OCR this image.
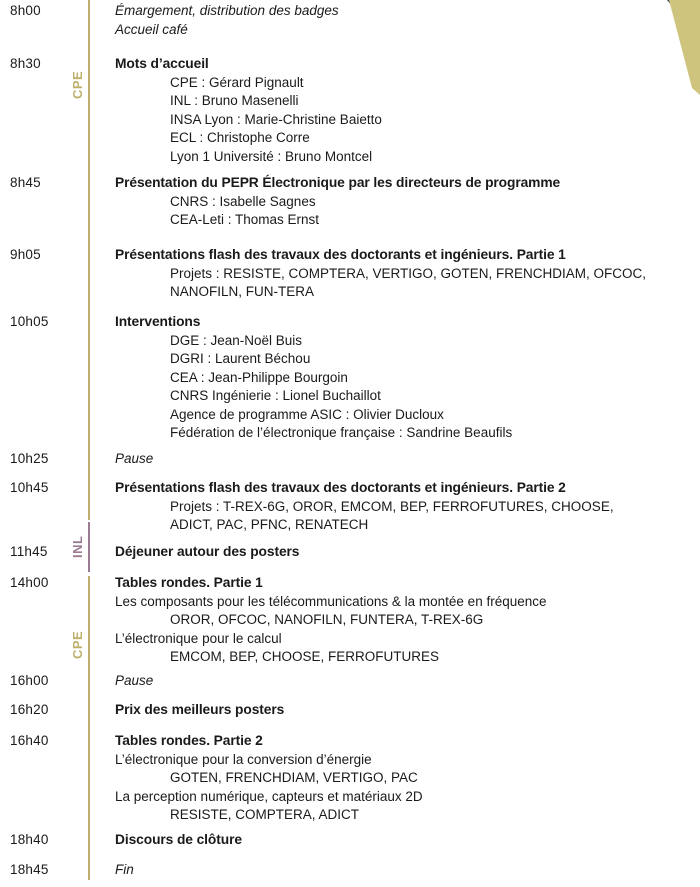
CPE
INL
CPE
8h00	Émargement, distribution des badges
Accueil café
8h30	Mots d’accueil
CPE : Gérard Pignault
INL : Bruno Masenelli
INSA Lyon : Marie-Christine Baietto
ECL : Christophe Corre
Lyon 1 Université : Bruno Montcel
8h45	Présentation du PEPR Électronique par les directeurs de programme
CNRS : Isabelle Sagnes
CEA-Leti : Thomas Ernst
9h05	Présentations flash des travaux des doctorants et ingénieurs. Partie 1
Projets : RESISTE, COMPTERA, VERTIGO, GOTEN, FRENCHDIAM, OFCOC,
NANOFILN, FUN-TERA
10h05	Interventions
DGE : Jean-Noël Buis
DGRI : Laurent Béchou
CEA : Jean-Philippe Bourgoin
CNRS Ingénierie : Lionel Buchaillot
Agence de programme ASIC : Olivier Ducloux
Fédération de l’électronique française : Sandrine Beaufils
10h25	Pause
10h45	Présentations flash des travaux des doctorants et ingénieurs. Partie 2
Projets : T-REX-6G, OROR, EMCOM, BEP, FERROFUTURES, CHOOSE,
ADICT, PAC, PFNC, RENATECH
11h45	Déjeuner autour des posters
14h00	Tables rondes. Partie 1
Les composants pour les télécommunications & la montée en fréquence
OROR, OFCOC, NANOFILN, FUNTERA, T-REX-6G
L’électronique pour le calcul
EMCOM, BEP, CHOOSE, FERROFUTURES
16h00	Pause
16h20	Prix des meilleurs posters
16h40	Tables rondes. Partie 2
L’électronique pour la conversion d’énergie
GOTEN, FRENCHDIAM, VERTIGO, PAC
La perception numérique, capteurs et matériaux 2D
RESISTE, COMPTERA, ADICT
18h40	Discours de clôture
18h45	Fin
